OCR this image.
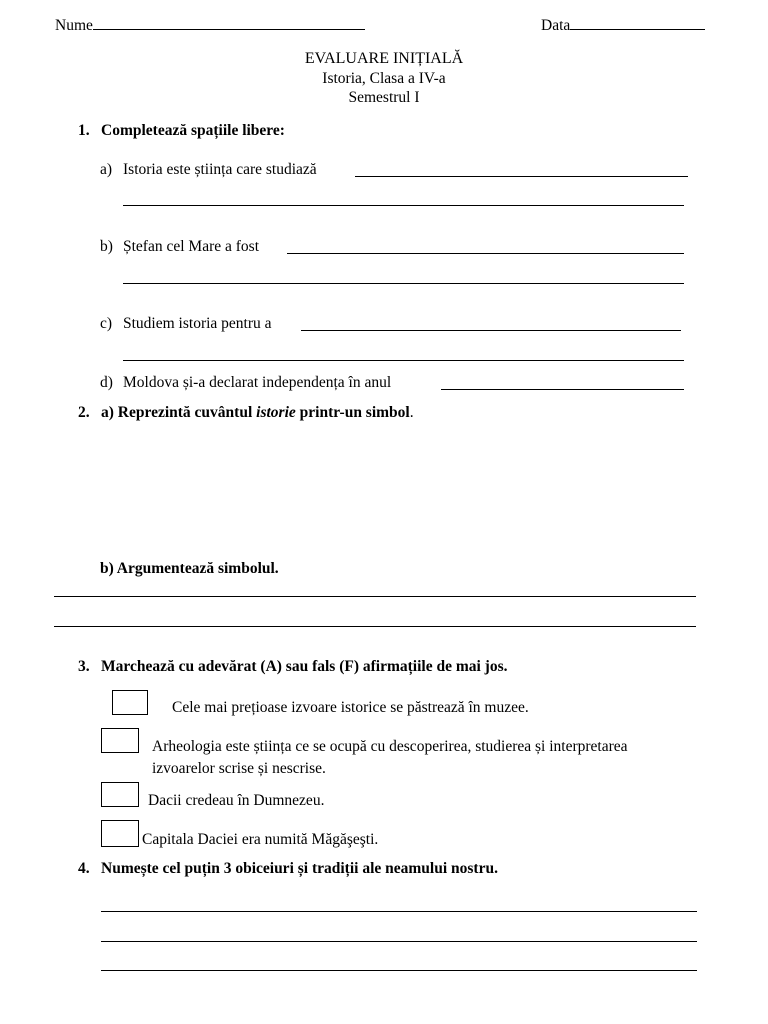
Nume	Data
EVALUARE INIȚIALĂ
Istoria, Clasa a IV-a
Semestrul I
1. Completează spațiile libere:
a) Istoria este știința care studiază
b) Ștefan cel Mare a fost
c) Studiem istoria pentru a
d) Moldova și-a declarat independența în anul
2. a) Reprezintă cuvântul istorie printr-un simbol.
b) Argumentează simbolul.
3. Marchează cu adevărat (A) sau fals (F) afirmațiile de mai jos.
Cele mai prețioase izvoare istorice se păstrează în muzee.
Arheologia este știința ce se ocupă cu descoperirea, studierea și interpretarea
izvoarelor scrise și nescrise.
Dacii credeau în Dumnezeu.
Capitala Daciei era numită Măgăşeşti.
4. Numește cel puțin 3 obiceiuri și tradiții ale neamului nostru.
